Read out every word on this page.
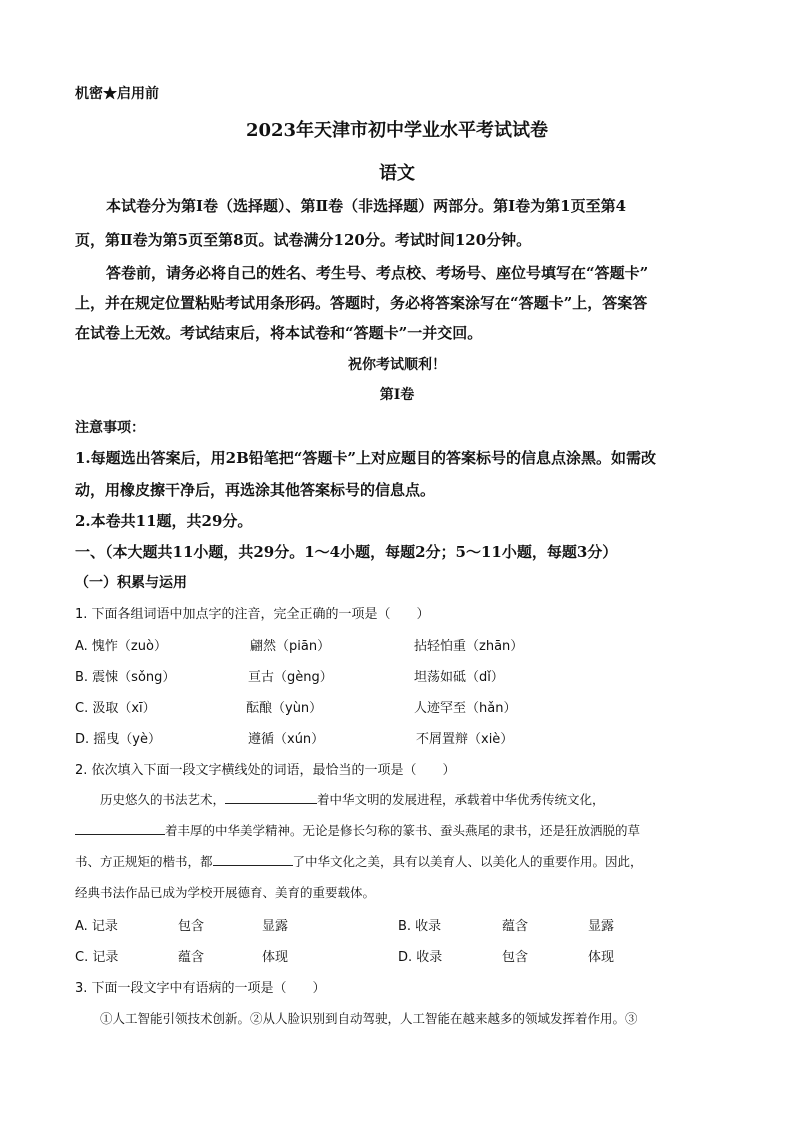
机密★启用前
2023年天津市初中学业水平考试试卷
语文
本试卷分为第Ⅰ卷（选择题）、第Ⅱ卷（非选择题）两部分。第Ⅰ卷为第1页至第4
页，第Ⅱ卷为第5页至第8页。试卷满分120分。考试时间120分钟。
答卷前，请务必将自己的姓名、考生号、考点校、考场号、座位号填写在“答题卡”
上，并在规定位置粘贴考试用条形码。答题时，务必将答案涂写在“答题卡”上，答案答
在试卷上无效。考试结束后，将本试卷和“答题卡”一并交回。
祝你考试顺利！
第Ⅰ卷
注意事项：
1.每题选出答案后，用2B铅笔把“答题卡”上对应题目的答案标号的信息点涂黑。如需改
动，用橡皮擦干净后，再选涂其他答案标号的信息点。
2.本卷共11题，共29分。
一、（本大题共11小题，共29分。1～4小题，每题2分；5～11小题，每题3分）
（一）积累与运用
1. 下面各组词语中加点字的注音，完全正确的一项是（　　）
A. 愧怍（zuò）	翩然（piān）	拈轻怕重（zhān）
B. 震悚（sǒng）	亘古（gèng）	坦荡如砥（dǐ）
C. 汲取（xī）	酝酿（yùn）	人迹罕至（hǎn）
D. 摇曳（yè）	遵循（xún）	不屑置辩（xiè）
2. 依次填入下面一段文字横线处的词语，最恰当的一项是（　　）
历史悠久的书法艺术，	着中华文明的发展进程，承载着中华优秀传统文化，
着丰厚的中华美学精神。无论是修长匀称的篆书、蚕头燕尾的隶书，还是狂放洒脱的草
书、方正规矩的楷书，都	了中华文化之美，具有以美育人、以美化人的重要作用。因此，
经典书法作品已成为学校开展德育、美育的重要载体。
A. 记录	包含	显露	B. 收录	蕴含	显露
C. 记录	蕴含	体现	D. 收录	包含	体现
3. 下面一段文字中有语病的一项是（　　）
①人工智能引领技术创新。②从人脸识别到自动驾驶，人工智能在越来越多的领域发挥着作用。③
